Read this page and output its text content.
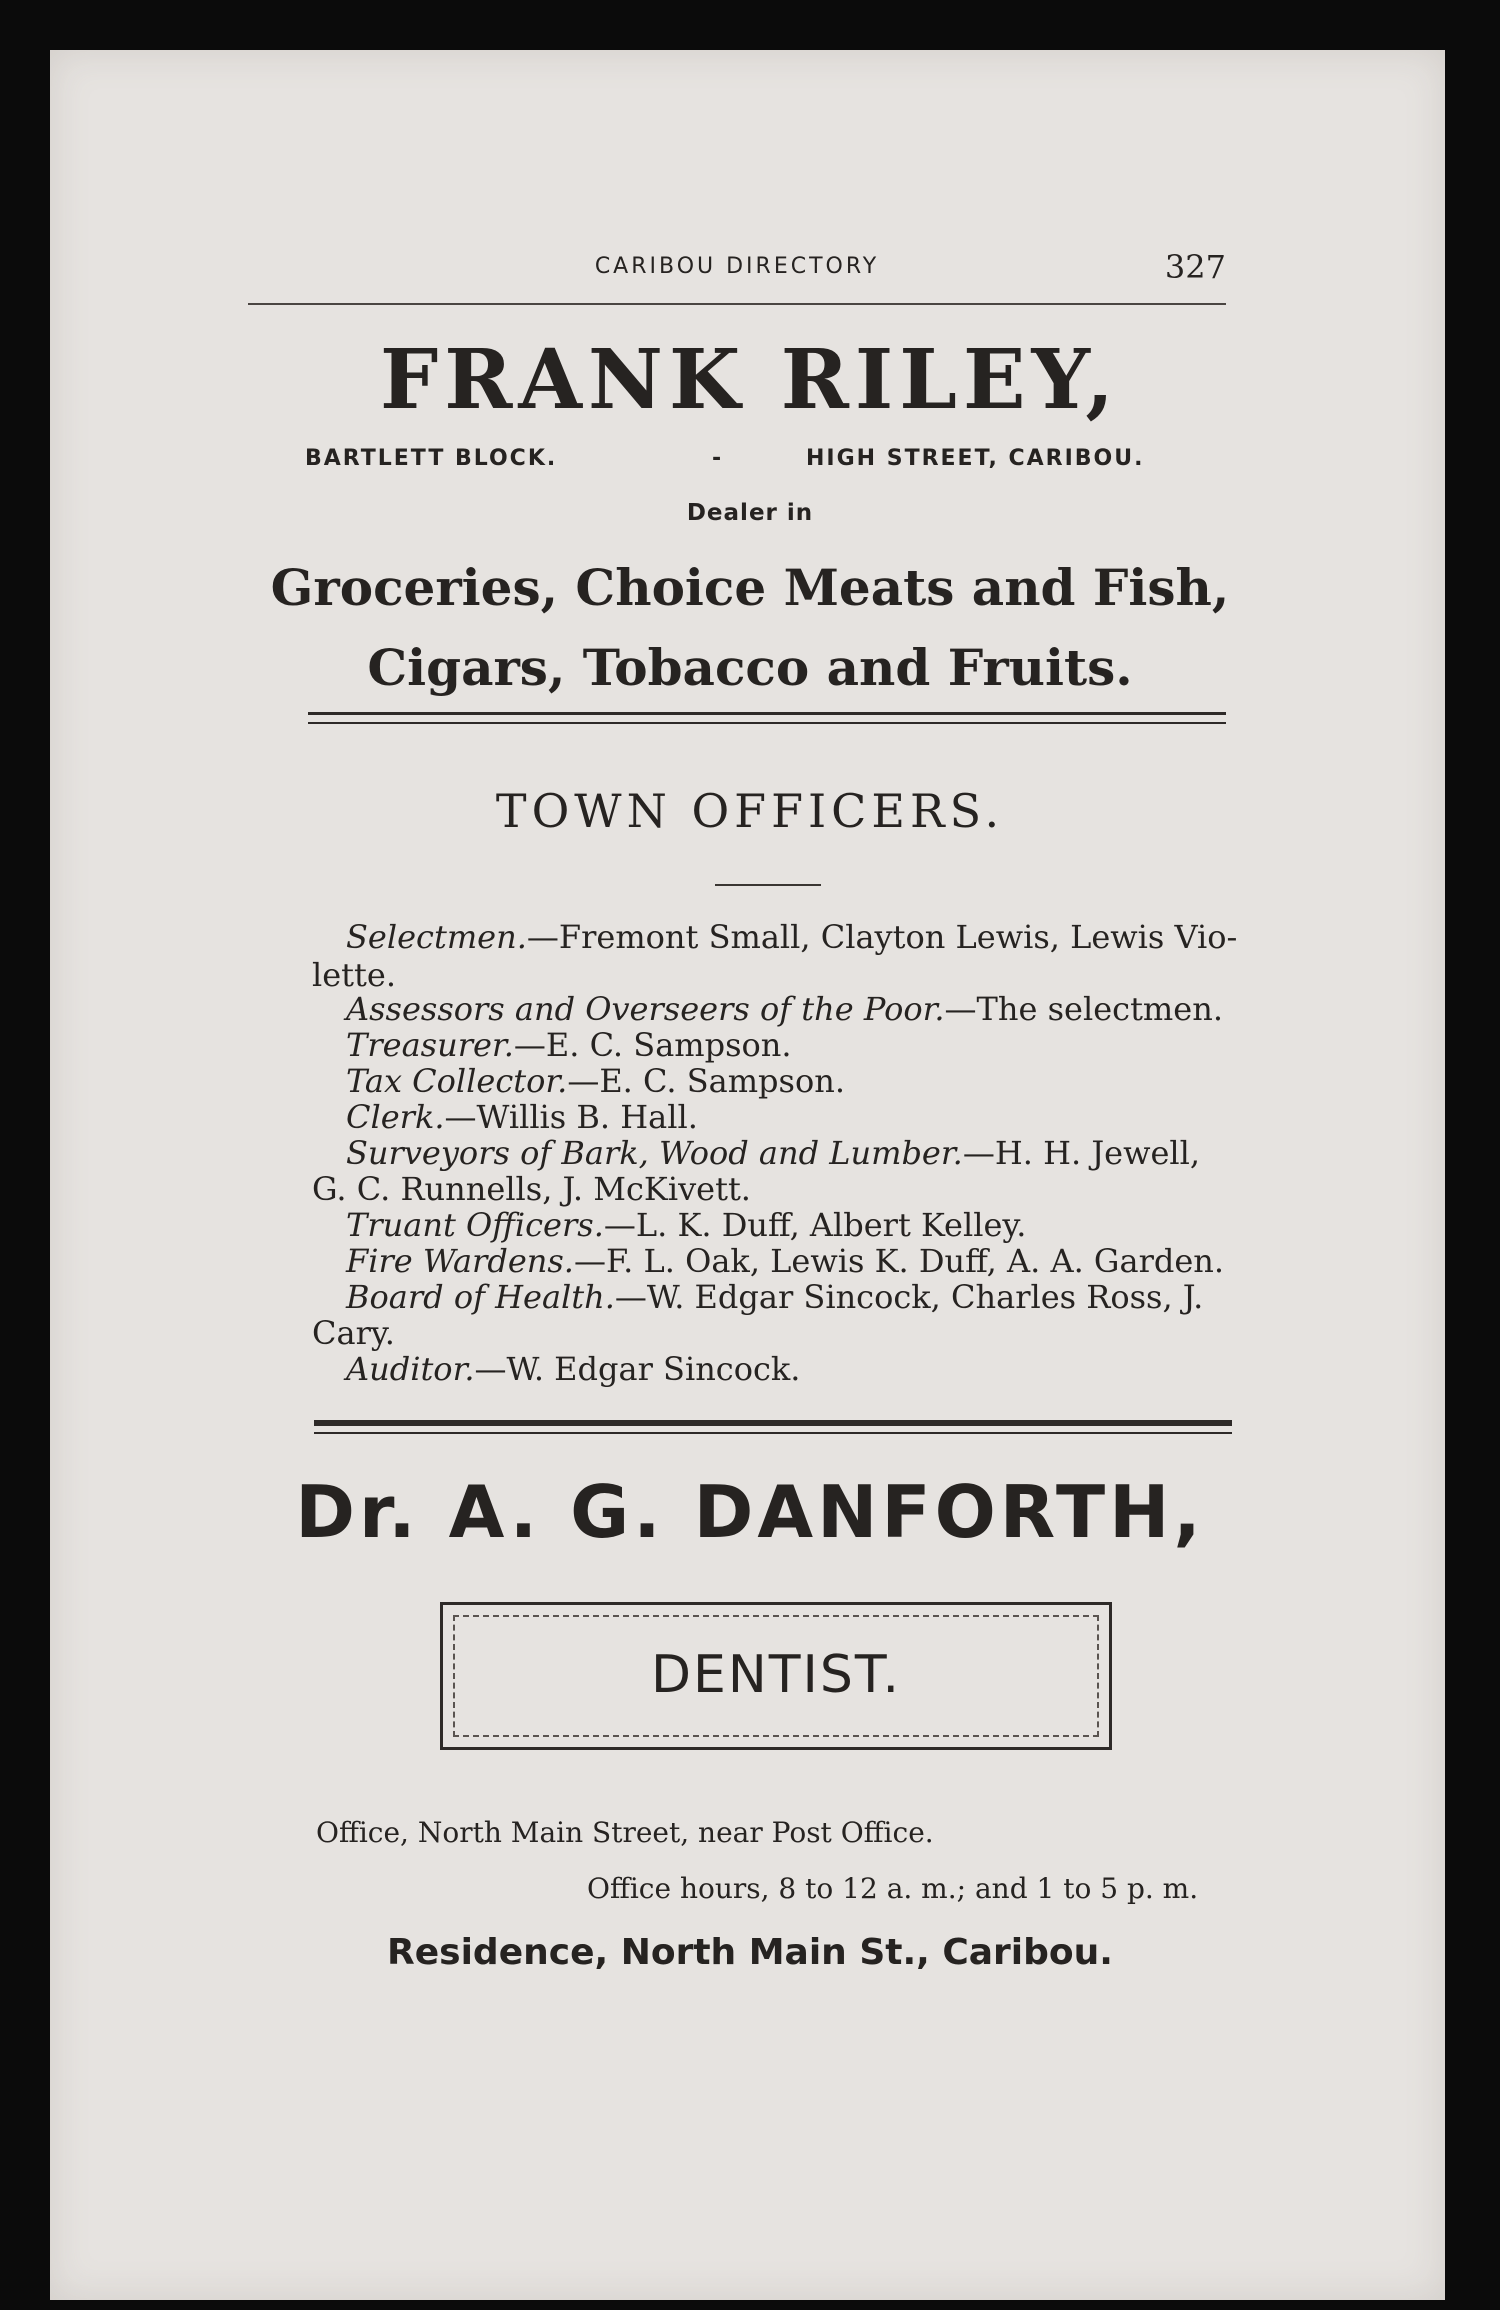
CARIBOU DIRECTORY	327
FRANK RILEY,
BARTLETT BLOCK.	-	HIGH STREET, CARIBOU.
Dealer in
Groceries, Choice Meats and Fish,
Cigars, Tobacco and Fruits.
TOWN OFFICERS.
Selectmen.—Fremont Small, Clayton Lewis, Lewis Vio-
lette.
Assessors and Overseers of the Poor.—The selectmen.
Treasurer.—E. C. Sampson.
Tax Collector.—E. C. Sampson.
Clerk.—Willis B. Hall.
Surveyors of Bark, Wood and Lumber.—H. H. Jewell,
G. C. Runnells, J. McKivett.
Truant Officers.—L. K. Duff, Albert Kelley.
Fire Wardens.—F. L. Oak, Lewis K. Duff, A. A. Garden.
Board of Health.—W. Edgar Sincock, Charles Ross, J.
Cary.
Auditor.—W. Edgar Sincock.
Dr. A. G. DANFORTH,
DENTIST.
Office, North Main Street, near Post Office.
Office hours, 8 to 12 a. m.; and 1 to 5 p. m.
Residence, North Main St., Caribou.
